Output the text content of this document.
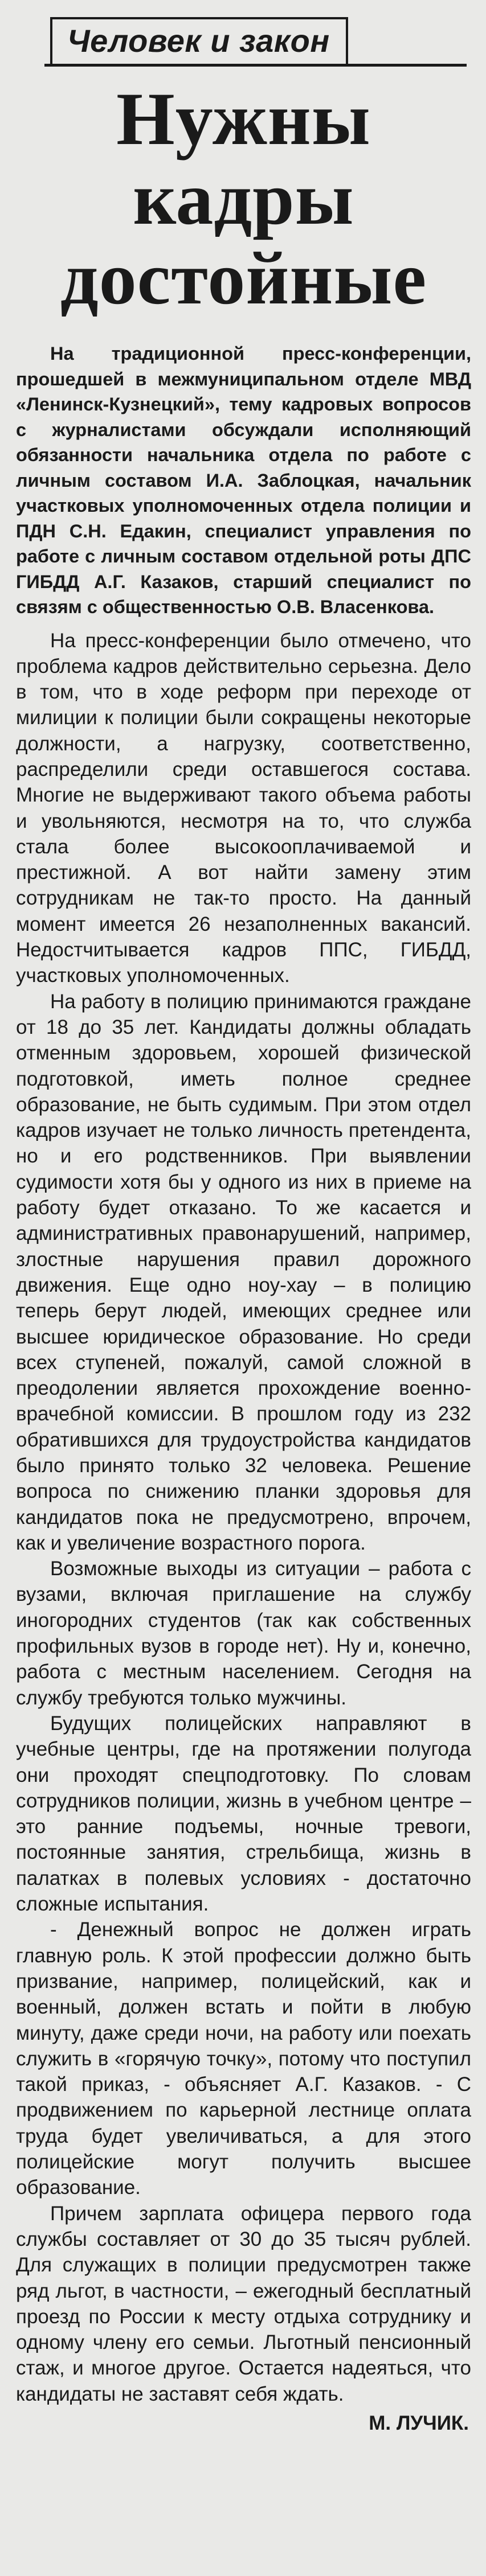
Человек и закон
Нужны
кадры
достойные
На традиционной пресс-конференции, прошедшей в межмуниципальном отделе МВД «Ленинск-Кузнецкий», тему кадровых вопросов с журналистами обсуждали исполняющий обязанности начальника отдела по работе с личным составом И.А. Заблоцкая, начальник участковых уполномоченных отдела полиции и ПДН С.Н. Едакин, специалист управления по работе с личным составом отдельной роты ДПС ГИБДД А.Г. Казаков, старший специалист по связям с общественностью О.В. Власенкова.

На пресс-конференции было отмечено, что проблема кадров действительно серьезна. Дело в том, что в ходе реформ при переходе от милиции к полиции были сокращены некоторые должности, а нагрузку, соответственно, распределили среди оставшегося состава. Многие не выдерживают такого объема работы и увольняются, несмотря на то, что служба стала более высокооплачиваемой и престижной. А вот найти замену этим сотрудникам не так-то просто. На данный момент имеется 26 незаполненных вакансий. Недостчитывается кадров ППС, ГИБДД, участковых уполномоченных.

На работу в полицию принимаются граждане от 18 до 35 лет. Кандидаты должны обладать отменным здоровьем, хорошей физической подготовкой, иметь полное среднее образование, не быть судимым. При этом отдел кадров изучает не только личность претендента, но и его родственников. При выявлении судимости хотя бы у одного из них в приеме на работу будет отказано. То же касается и административных правонарушений, например, злостные нарушения правил дорожного движения. Еще одно ноу-хау – в полицию теперь берут людей, имеющих среднее или высшее юридическое образование. Но среди всех ступеней, пожалуй, самой сложной в преодолении является прохождение военно-врачебной комиссии. В прошлом году из 232 обратившихся для трудоустройства кандидатов было принято только 32 человека. Решение вопроса по снижению планки здоровья для кандидатов пока не предусмотрено, впрочем, как и увеличение возрастного порога.

Возможные выходы из ситуации – работа с вузами, включая приглашение на службу иногородних студентов (так как собственных профильных вузов в городе нет). Ну и, конечно, работа с местным населением. Сегодня на службу требуются только мужчины.

Будущих полицейских направляют в учебные центры, где на протяжении полугода они проходят спецподготовку. По словам сотрудников полиции, жизнь в учебном центре – это ранние подъемы, ночные тревоги, постоянные занятия, стрельбища, жизнь в палатках в полевых условиях - достаточно сложные испытания.

- Денежный вопрос не должен играть главную роль. К этой профессии должно быть призвание, например, полицейский, как и военный, должен встать и пойти в любую минуту, даже среди ночи, на работу или поехать служить в «горячую точку», потому что поступил такой приказ, - объясняет А.Г. Казаков. - С продвижением по карьерной лестнице оплата труда будет увеличиваться, а для этого полицейские могут получить высшее образование.

Причем зарплата офицера первого года службы составляет от 30 до 35 тысяч рублей. Для служащих в полиции предусмотрен также ряд льгот, в частности, – ежегодный бесплатный проезд по России к месту отдыха сотруднику и одному члену его семьи. Льготный пенсионный стаж, и многое другое. Остается надеяться, что кандидаты не заставят себя ждать.

М. ЛУЧИК.
